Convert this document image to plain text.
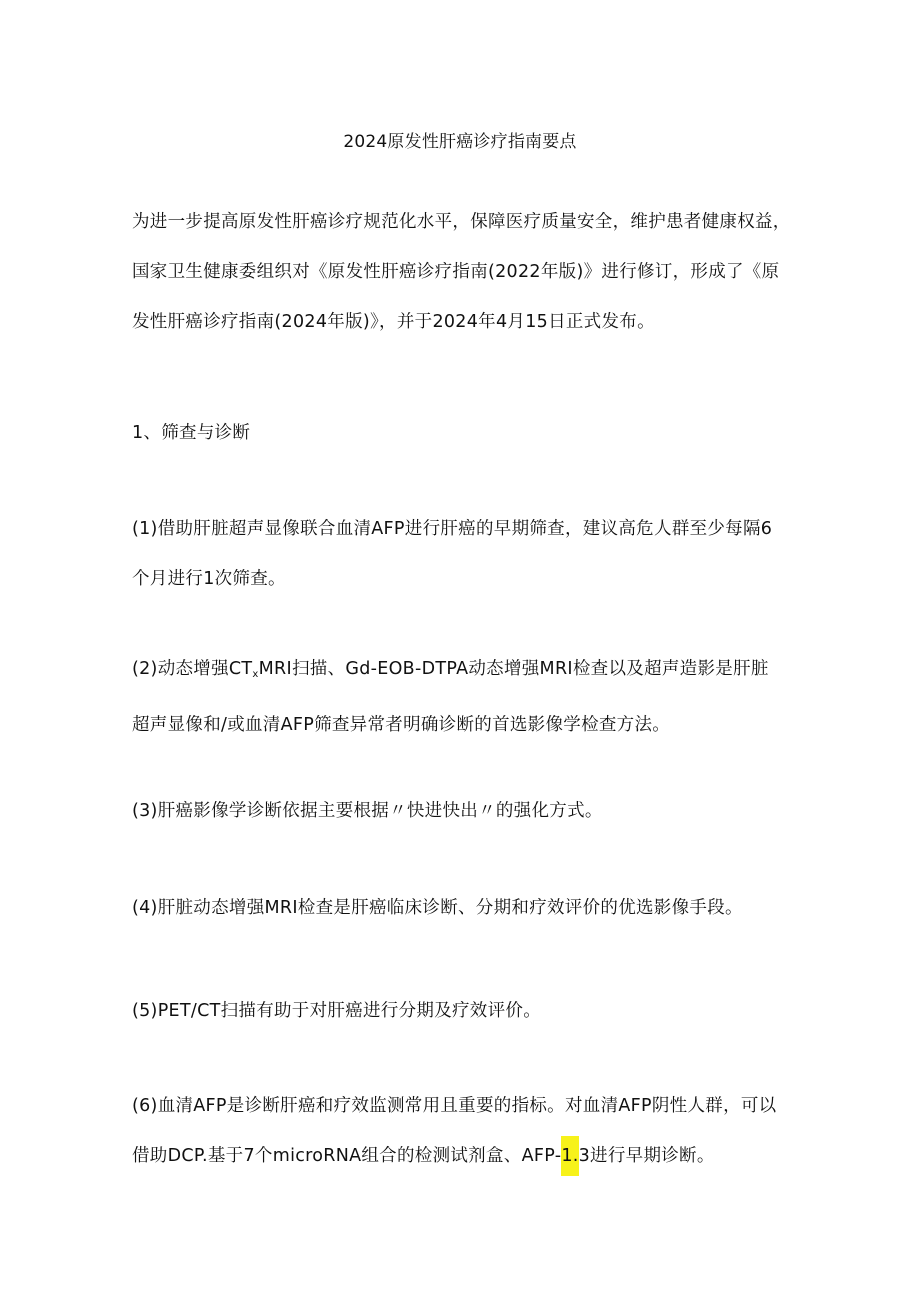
2024原发性肝癌诊疗指南要点

为进一步提高原发性肝癌诊疗规范化水平，保障医疗质量安全，维护患者健康权益，
国家卫生健康委组织对《原发性肝癌诊疗指南(2022年版)》进行修订，形成了《原
发性肝癌诊疗指南(2024年版)》，并于2024年4月15日正式发布。

1、筛查与诊断

(1)借助肝脏超声显像联合血清AFP进行肝癌的早期筛查，建议高危人群至少每隔6
个月进行1次筛查。

(2)动态增强$CT_xMRI$扫描、Gd-EOB-DTPA动态增强MRI检查以及超声造影是肝脏
超声显像和/或血清AFP筛查异常者明确诊断的首选影像学检查方法。

(3)肝癌影像学诊断依据主要根据〃快进快出〃的强化方式。

(4)肝脏动态增强MRI检查是肝癌临床诊断、分期和疗效评价的优选影像手段。

(5)PET/CT扫描有助于对肝癌进行分期及疗效评价。

(6)血清AFP是诊断肝癌和疗效监测常用且重要的指标。对血清AFP阴性人群，可以
借助DCP.基于7个microRNA组合的检测试剂盒、AFP-1.3进行早期诊断。
